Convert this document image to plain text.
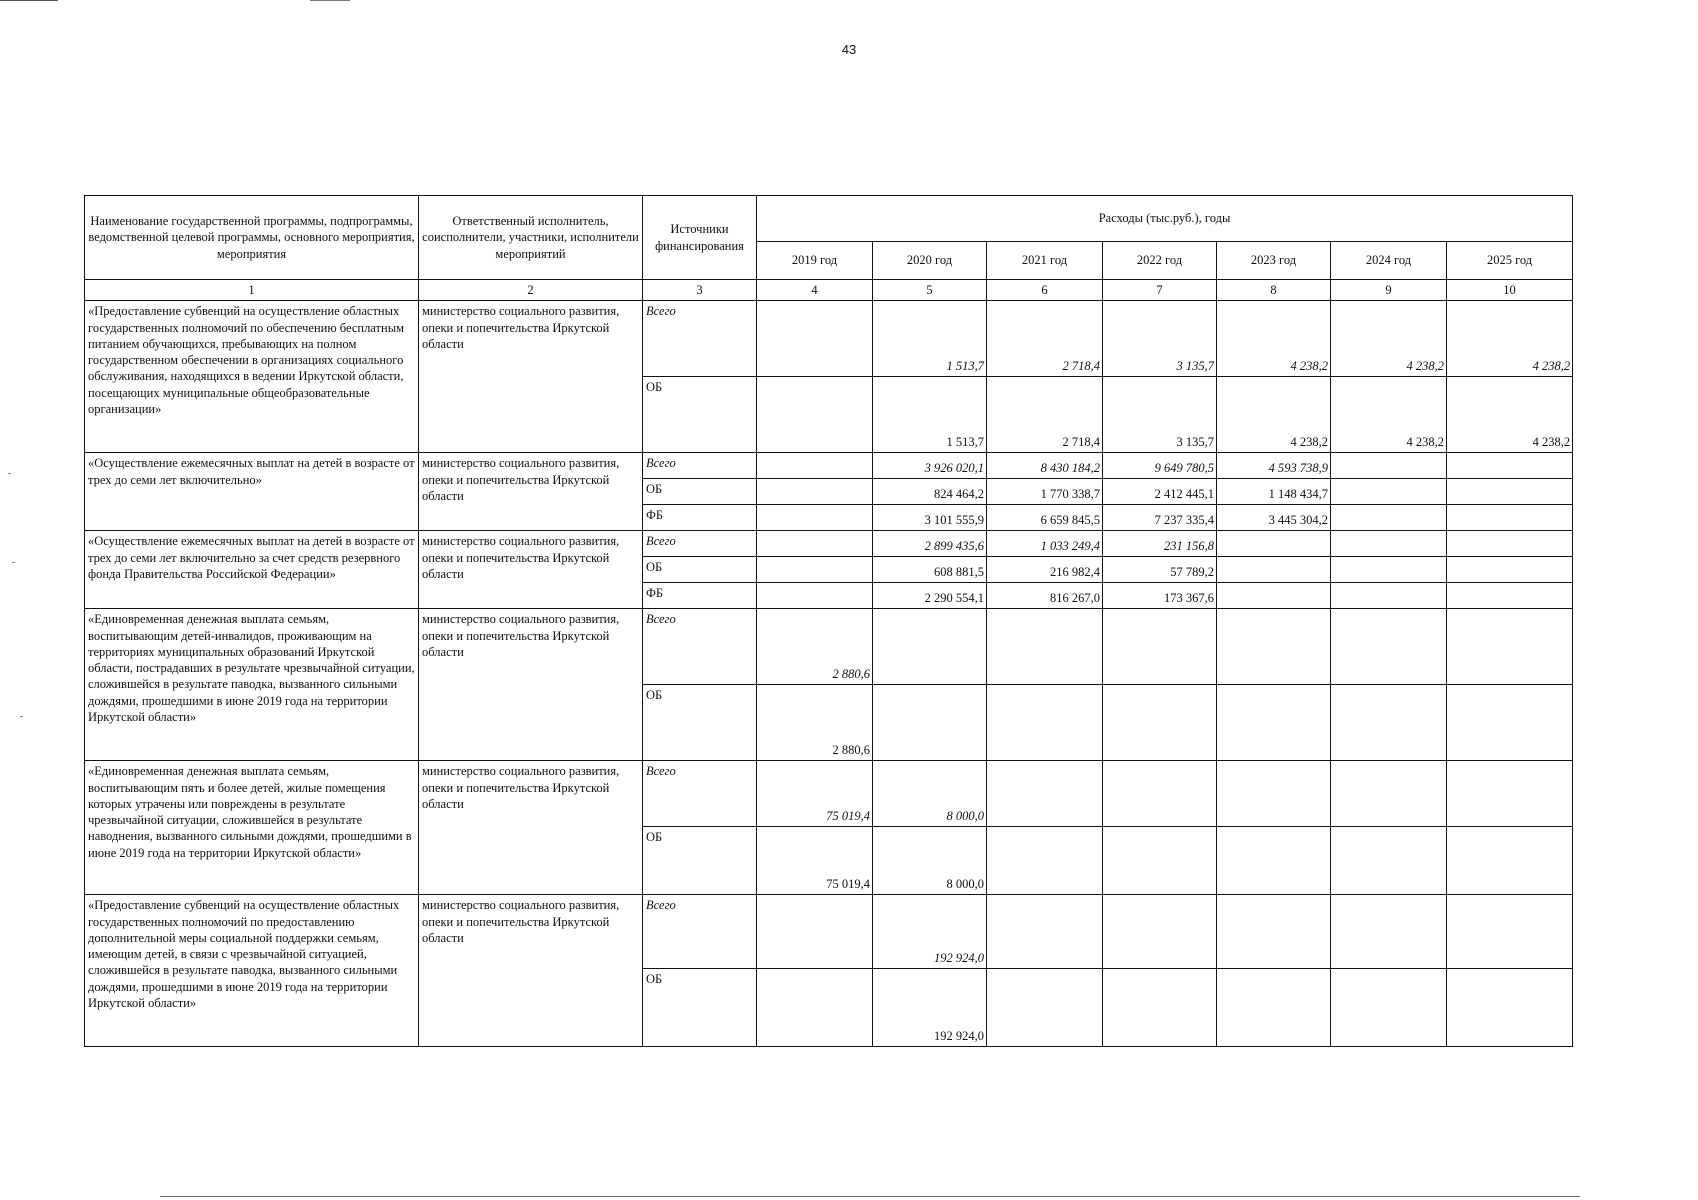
43
Наименование государственной программы, подпрограммы, ведомственной целевой программы, основного мероприятия, мероприятия	Ответственный исполнитель, соисполнители, участники, исполнители мероприятий	Источники финансирования	Расходы (тыс.руб.), годы						
			2019 год	2020 год	2021 год	2022 год	2023 год	2024 год	2025 год
1	2	3	4	5	6	7	8	9	10
«Предоставление субвенций на осуществление областных государственных полномочий по обеспечению бесплатным питанием обучающихся, пребывающих на полном государственном обеспечении в организациях социального обслуживания, находящихся в ведении Иркутской области, посещающих муниципальные общеобразовательные организации»	министерство социального развития, опеки и попечительства Иркутской области	Всего		1 513,7	2 718,4	3 135,7	4 238,2	4 238,2	4 238,2
		ОБ		1 513,7	2 718,4	3 135,7	4 238,2	4 238,2	4 238,2
«Осуществление ежемесячных выплат на детей в возрасте от трех до семи лет включительно»	министерство социального развития, опеки и попечительства Иркутской области	Всего		3 926 020,1	8 430 184,2	9 649 780,5	4 593 738,9		
		ОБ		824 464,2	1 770 338,7	2 412 445,1	1 148 434,7		
		ФБ		3 101 555,9	6 659 845,5	7 237 335,4	3 445 304,2		
«Осуществление ежемесячных выплат на детей в возрасте от трех до семи лет включительно за счет средств резервного фонда Правительства Российской Федерации»	министерство социального развития, опеки и попечительства Иркутской области	Всего		2 899 435,6	1 033 249,4	231 156,8			
		ОБ		608 881,5	216 982,4	57 789,2			
		ФБ		2 290 554,1	816 267,0	173 367,6			
«Единовременная денежная выплата семьям, воспитывающим детей-инвалидов, проживающим на территориях муниципальных образований Иркутской области, пострадавших в результате чрезвычайной ситуации, сложившейся в результате паводка, вызванного сильными дождями, прошедшими в июне 2019 года на территории Иркутской области»	министерство социального развития, опеки и попечительства Иркутской области	Всего	2 880,6						
		ОБ	2 880,6						
«Единовременная денежная выплата семьям, воспитывающим пять и более детей, жилые помещения которых утрачены или повреждены в результате чрезвычайной ситуации, сложившейся в результате наводнения, вызванного сильными дождями, прошедшими в июне 2019 года на территории Иркутской области»	министерство социального развития, опеки и попечительства Иркутской области	Всего	75 019,4	8 000,0					
		ОБ	75 019,4	8 000,0					
«Предоставление субвенций на осуществление областных государственных полномочий по предоставлению дополнительной меры социальной поддержки семьям, имеющим детей, в связи с чрезвычайной ситуацией, сложившейся в результате паводка, вызванного сильными дождями, прошедшими в июне 2019 года на территории Иркутской области»	министерство социального развития, опеки и попечительства Иркутской области	Всего		192 924,0					
		ОБ		192 924,0					
